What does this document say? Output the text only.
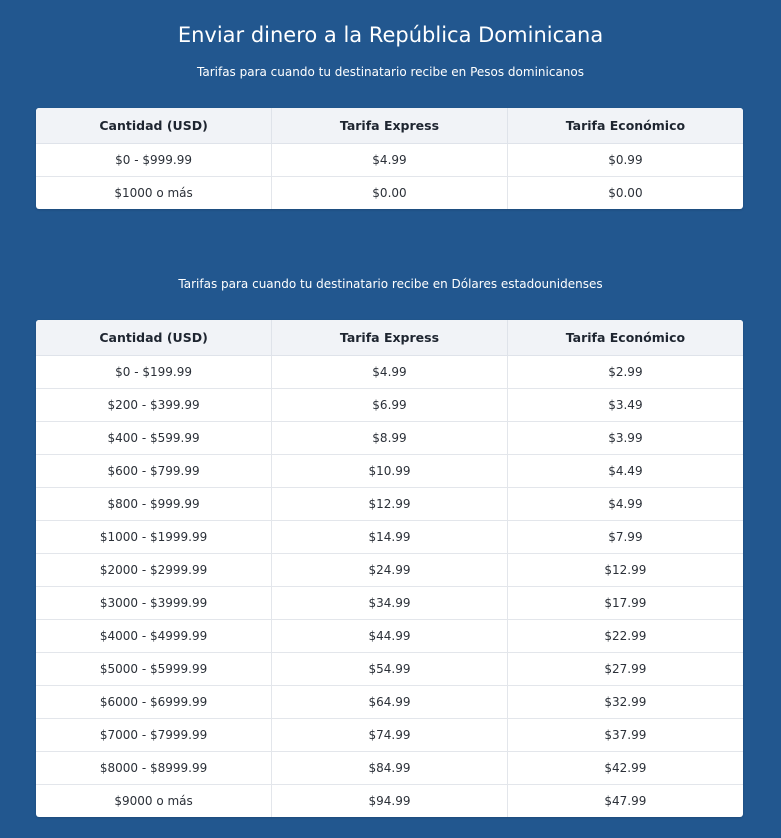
Enviar dinero a la República Dominicana

Tarifas para cuando tu destinatario recibe en Pesos dominicanos

Cantidad (USD)	Tarifa Express	Tarifa Económico
$0 - $999.99	$4.99	$0.99
$1000 o más	$0.00	$0.00

Tarifas para cuando tu destinatario recibe en Dólares estadounidenses

Cantidad (USD)	Tarifa Express	Tarifa Económico
$0 - $199.99	$4.99	$2.99
$200 - $399.99	$6.99	$3.49
$400 - $599.99	$8.99	$3.99
$600 - $799.99	$10.99	$4.49
$800 - $999.99	$12.99	$4.99
$1000 - $1999.99	$14.99	$7.99
$2000 - $2999.99	$24.99	$12.99
$3000 - $3999.99	$34.99	$17.99
$4000 - $4999.99	$44.99	$22.99
$5000 - $5999.99	$54.99	$27.99
$6000 - $6999.99	$64.99	$32.99
$7000 - $7999.99	$74.99	$37.99
$8000 - $8999.99	$84.99	$42.99
$9000 o más	$94.99	$47.99
